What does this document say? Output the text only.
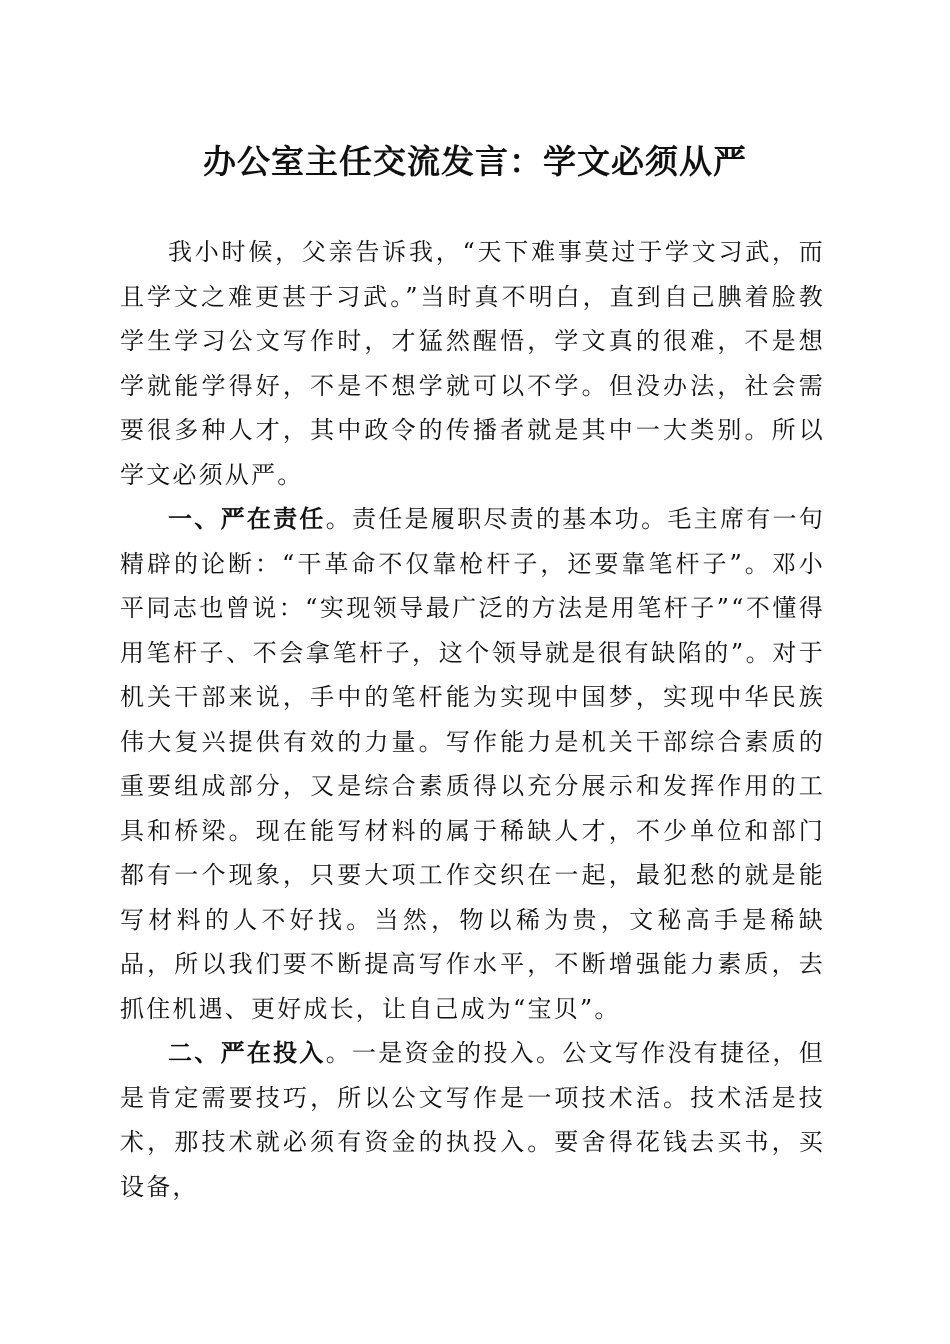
办公室主任交流发言：学文必须从严

我小时候，父亲告诉我，“天下难事莫过于学文习武，而且学文之难更甚于习武。”当时真不明白，直到自己腆着脸教学生学习公文写作时，才猛然醒悟，学文真的很难，不是想学就能学得好，不是不想学就可以不学。但没办法，社会需要很多种人才，其中政令的传播者就是其中一大类别。所以学文必须从严。

一、严在责任。责任是履职尽责的基本功。毛主席有一句精辟的论断：“干革命不仅靠枪杆子，还要靠笔杆子”。邓小平同志也曾说：“实现领导最广泛的方法是用笔杆子”“不懂得用笔杆子、不会拿笔杆子，这个领导就是很有缺陷的”。对于机关干部来说，手中的笔杆能为实现中国梦，实现中华民族伟大复兴提供有效的力量。写作能力是机关干部综合素质的重要组成部分，又是综合素质得以充分展示和发挥作用的工具和桥梁。现在能写材料的属于稀缺人才，不少单位和部门都有一个现象，只要大项工作交织在一起，最犯愁的就是能写材料的人不好找。当然，物以稀为贵，文秘高手是稀缺品，所以我们要不断提高写作水平，不断增强能力素质，去抓住机遇、更好成长，让自己成为“宝贝”。

二、严在投入。一是资金的投入。公文写作没有捷径，但是肯定需要技巧，所以公文写作是一项技术活。技术活是技术，那技术就必须有资金的执投入。要舍得花钱去买书，买设备，
